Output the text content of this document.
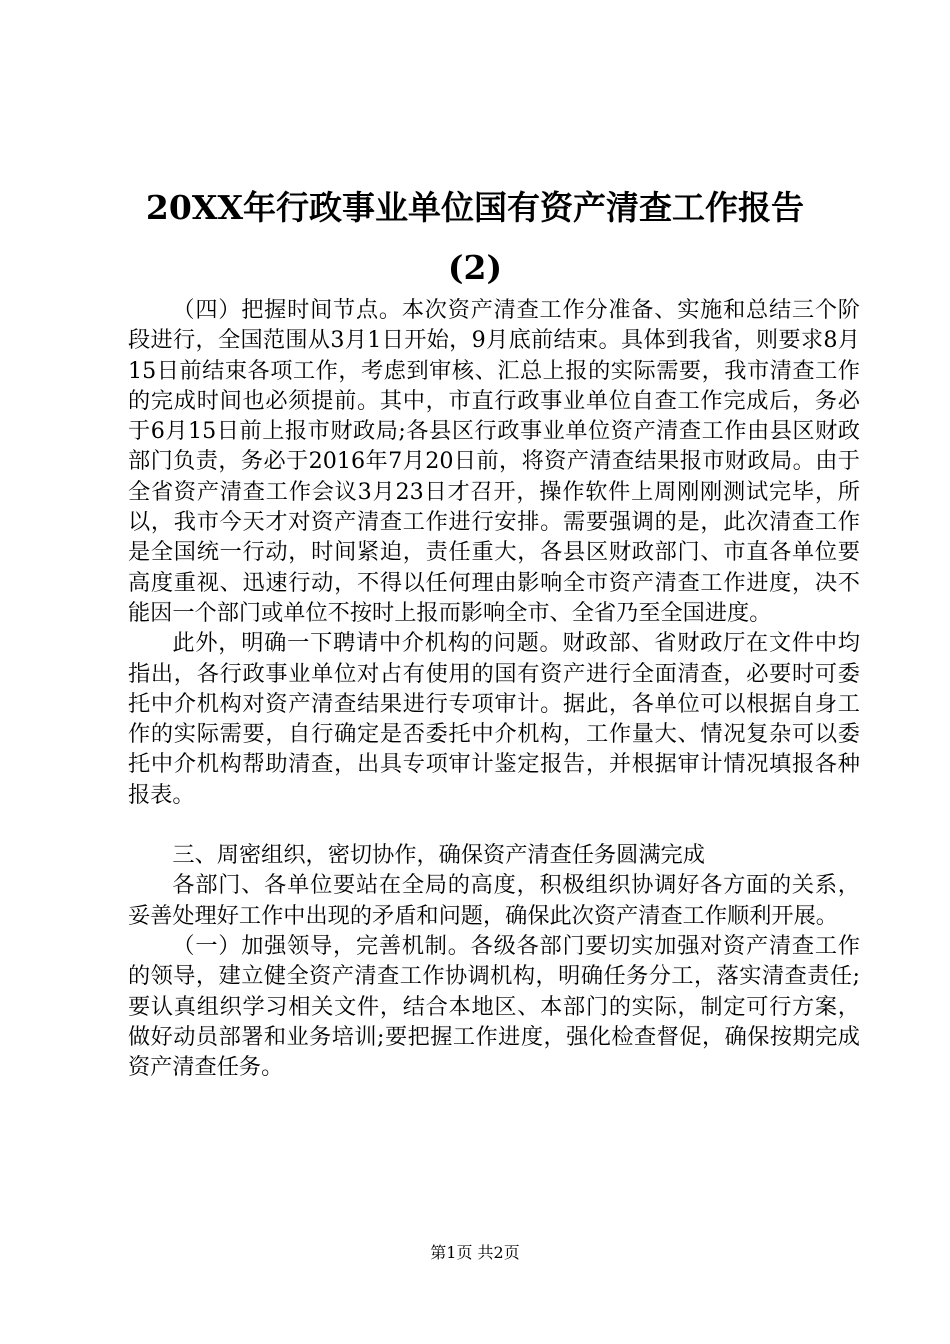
20XX年行政事业单位国有资产清查工作报告
(2)

（四）把握时间节点。本次资产清查工作分准备、实施和总结三个阶段进行，全国范围从3月1日开始，9月底前结束。具体到我省，则要求8月15日前结束各项工作，考虑到审核、汇总上报的实际需要，我市清查工作的完成时间也必须提前。其中，市直行政事业单位自查工作完成后，务必于6月15日前上报市财政局;各县区行政事业单位资产清查工作由县区财政部门负责，务必于2016年7月20日前，将资产清查结果报市财政局。由于全省资产清查工作会议3月23日才召开，操作软件上周刚刚测试完毕，所以，我市今天才对资产清查工作进行安排。需要强调的是，此次清查工作是全国统一行动，时间紧迫，责任重大，各县区财政部门、市直各单位要高度重视、迅速行动，不得以任何理由影响全市资产清查工作进度，决不能因一个部门或单位不按时上报而影响全市、全省乃至全国进度。

此外，明确一下聘请中介机构的问题。财政部、省财政厅在文件中均指出，各行政事业单位对占有使用的国有资产进行全面清查，必要时可委托中介机构对资产清查结果进行专项审计。据此，各单位可以根据自身工作的实际需要，自行确定是否委托中介机构，工作量大、情况复杂可以委托中介机构帮助清查，出具专项审计鉴定报告，并根据审计情况填报各种报表。

三、周密组织，密切协作，确保资产清查任务圆满完成

各部门、各单位要站在全局的高度，积极组织协调好各方面的关系，妥善处理好工作中出现的矛盾和问题，确保此次资产清查工作顺利开展。

（一）加强领导，完善机制。各级各部门要切实加强对资产清查工作的领导，建立健全资产清查工作协调机构，明确任务分工，落实清查责任;要认真组织学习相关文件，结合本地区、本部门的实际，制定可行方案，做好动员部署和业务培训;要把握工作进度，强化检查督促，确保按期完成资产清查任务。

第1页 共2页
